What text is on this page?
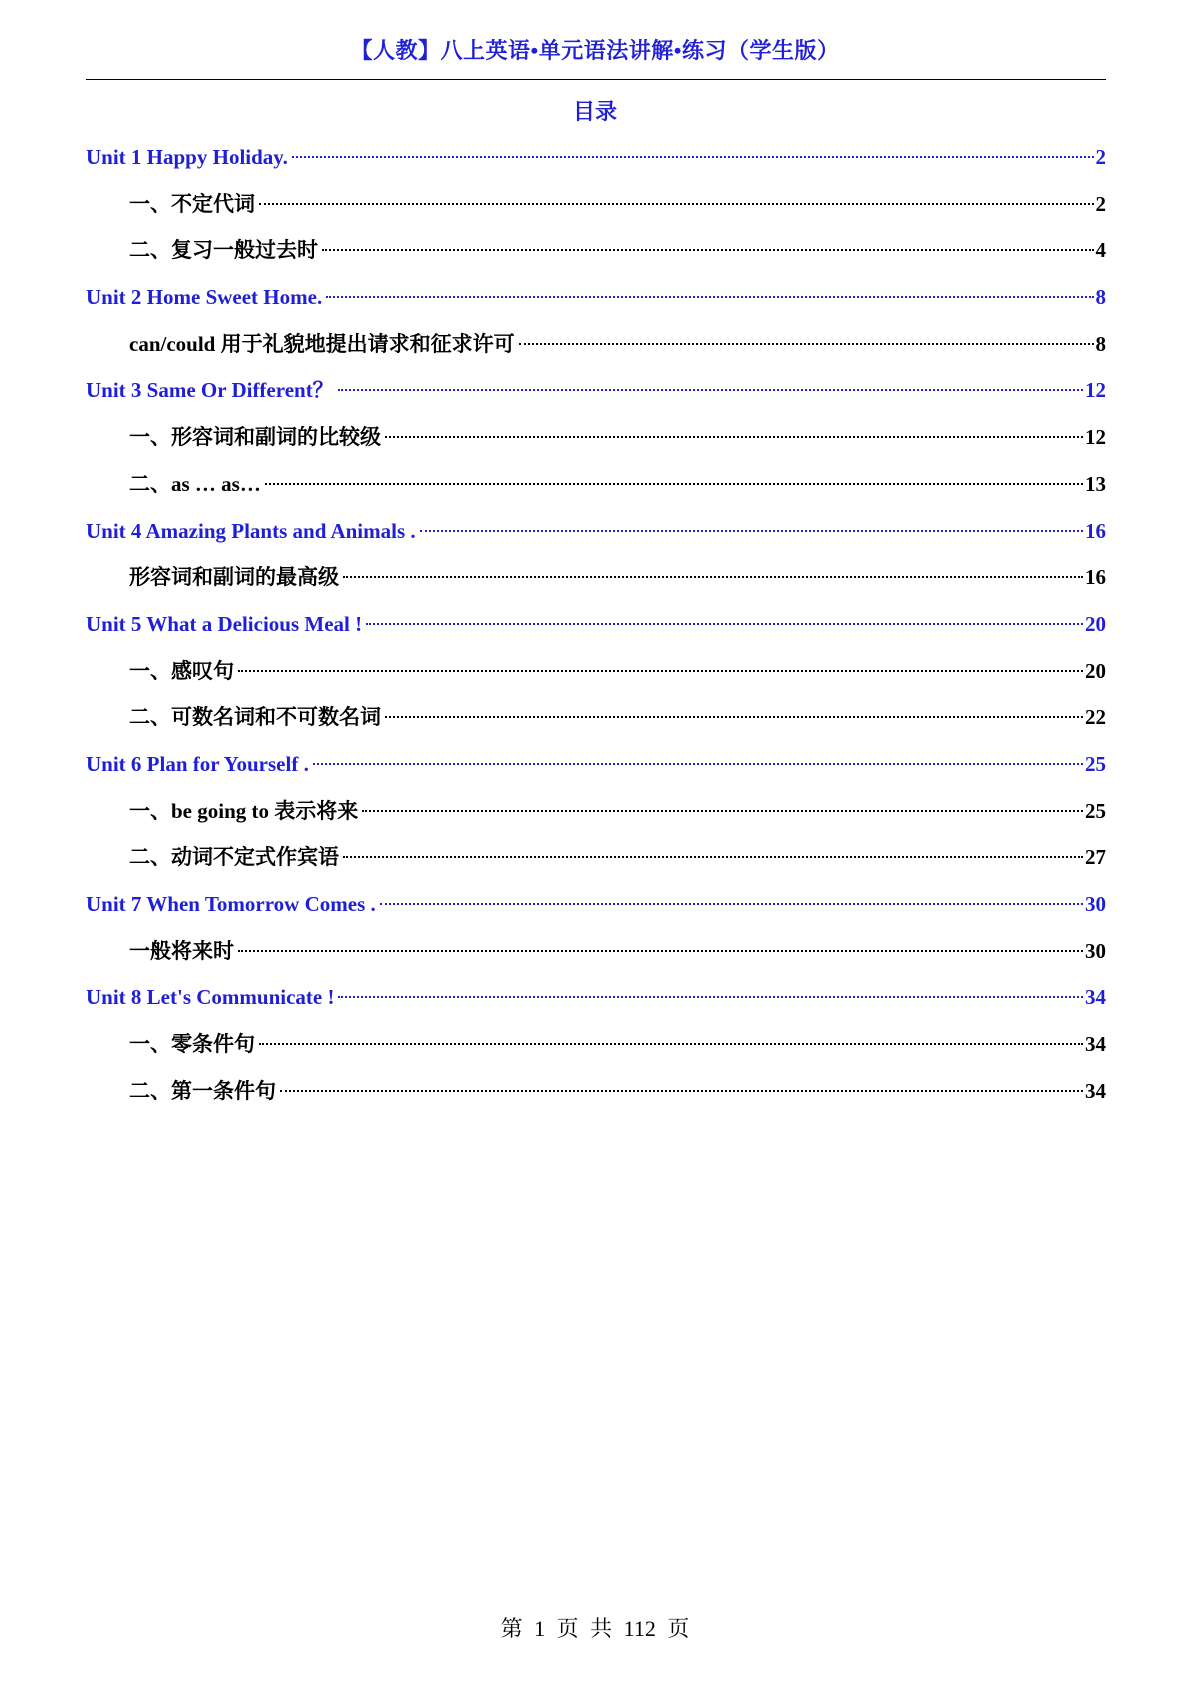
【人教】八上英语•单元语法讲解•练习（学生版）
目录
Unit 1 Happy Holiday.	2
一、不定代词	2
二、复习一般过去时	4
Unit 2 Home Sweet Home.	8
can/could 用于礼貌地提出请求和征求许可	8
Unit 3 Same Or Different？	12
一、形容词和副词的比较级	12
二、as … as…	13
Unit 4 Amazing Plants and Animals .	16
形容词和副词的最高级	16
Unit 5 What a Delicious Meal !	20
一、感叹句	20
二、可数名词和不可数名词	22
Unit 6 Plan for Yourself .	25
一、be going to 表示将来	25
二、动词不定式作宾语	27
Unit 7 When Tomorrow Comes .	30
一般将来时	30
Unit 8 Let's Communicate !	34
一、零条件句	34
二、第一条件句	34
第 1 页 共 112 页
